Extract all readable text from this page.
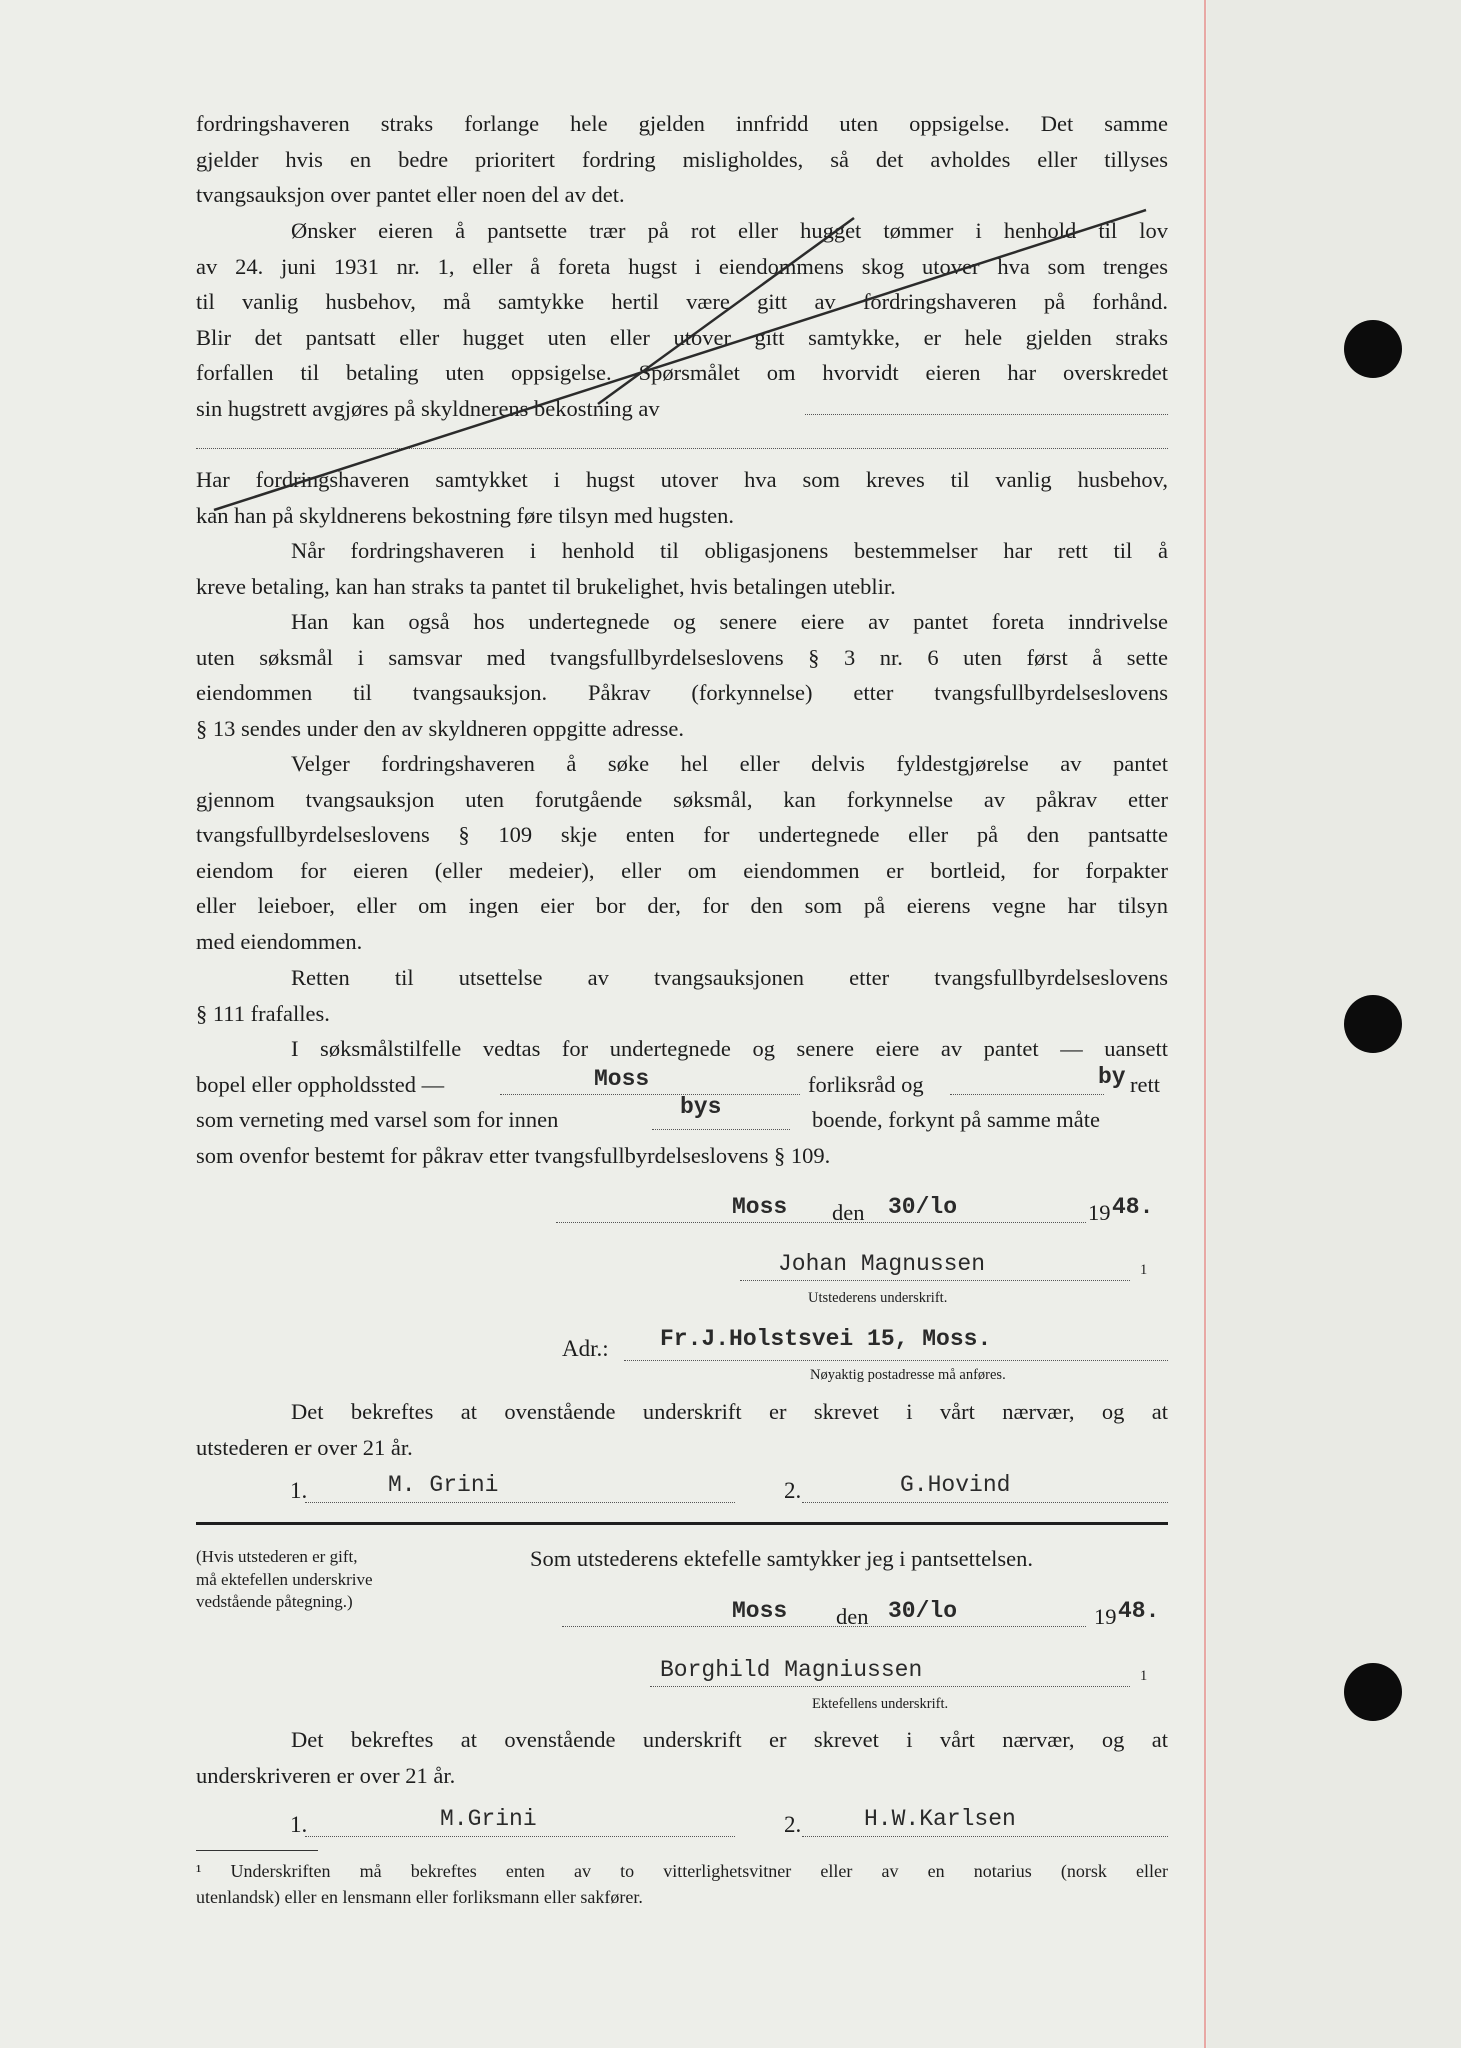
fordringshaveren straks forlange hele gjelden innfridd uten oppsigelse. Det samme
gjelder hvis en bedre prioritert fordring misligholdes, så det avholdes eller tillyses
tvangsauksjon over pantet eller noen del av det.
Ønsker eieren å pantsette trær på rot eller hugget tømmer i henhold til lov
av 24. juni 1931 nr. 1, eller å foreta hugst i eiendommens skog utover hva som trenges
til vanlig husbehov, må samtykke hertil være gitt av fordringshaveren på forhånd.
Blir det pantsatt eller hugget uten eller utover gitt samtykke, er hele gjelden straks
forfallen til betaling uten oppsigelse. Spørsmålet om hvorvidt eieren har overskredet
sin hugstrett avgjøres på skyldnerens bekostning av
Har fordringshaveren samtykket i hugst utover hva som kreves til vanlig husbehov,
kan han på skyldnerens bekostning føre tilsyn med hugsten.
Når fordringshaveren i henhold til obligasjonens bestemmelser har rett til å
kreve betaling, kan han straks ta pantet til brukelighet, hvis betalingen uteblir.
Han kan også hos undertegnede og senere eiere av pantet foreta inndrivelse
uten søksmål i samsvar med tvangsfullbyrdelseslovens § 3 nr. 6 uten først å sette
eiendommen til tvangsauksjon. Påkrav (forkynnelse) etter tvangsfullbyrdelseslovens
§ 13 sendes under den av skyldneren oppgitte adresse.
Velger fordringshaveren å søke hel eller delvis fyldestgjørelse av pantet
gjennom tvangsauksjon uten forutgående søksmål, kan forkynnelse av påkrav etter
tvangsfullbyrdelseslovens § 109 skje enten for undertegnede eller på den pantsatte
eiendom for eieren (eller medeier), eller om eiendommen er bortleid, for forpakter
eller leieboer, eller om ingen eier bor der, for den som på eierens vegne har tilsyn
med eiendommen.
Retten til utsettelse av tvangsauksjonen etter tvangsfullbyrdelseslovens
§ 111 frafalles.
I søksmålstilfelle vedtas for undertegnede og senere eiere av pantet — uansett

bopel eller oppholdssted —	Moss	forliksråd og	by rett

som verneting med varsel som for innen	bys	boende, forkynt på samme måte

som ovenfor bestemt for påkrav etter tvangsfullbyrdelseslovens § 109.

Moss den 30/lo	19 48.

Johan Magnussen	1

Utstederens underskrift.

Adr.: Fr.J.Holstsvei 15, Moss.

Nøyaktig postadresse må anføres.

Det bekreftes at ovenstående underskrift er skrevet i vårt nærvær, og at
utstederen er over 21 år.

1.	M. Grini	2.	G.Hovind

(Hvis utstederen er gift,
må ektefellen underskrive
vedstående påtegning.)

Som utstederens ektefelle samtykker jeg i pantsettelsen.

Moss den 30/lo	19 48.

Borghild Magniussen	1

Ektefellens underskrift.

Det bekreftes at ovenstående underskrift er skrevet i vårt nærvær, og at
underskriveren er over 21 år.

1.	M.Grini	2.	H.W.Karlsen

¹ Underskriften må bekreftes enten av to vitterlighetsvitner eller av en notarius (norsk eller
utenlandsk) eller en lensmann eller forliksmann eller sakfører.
